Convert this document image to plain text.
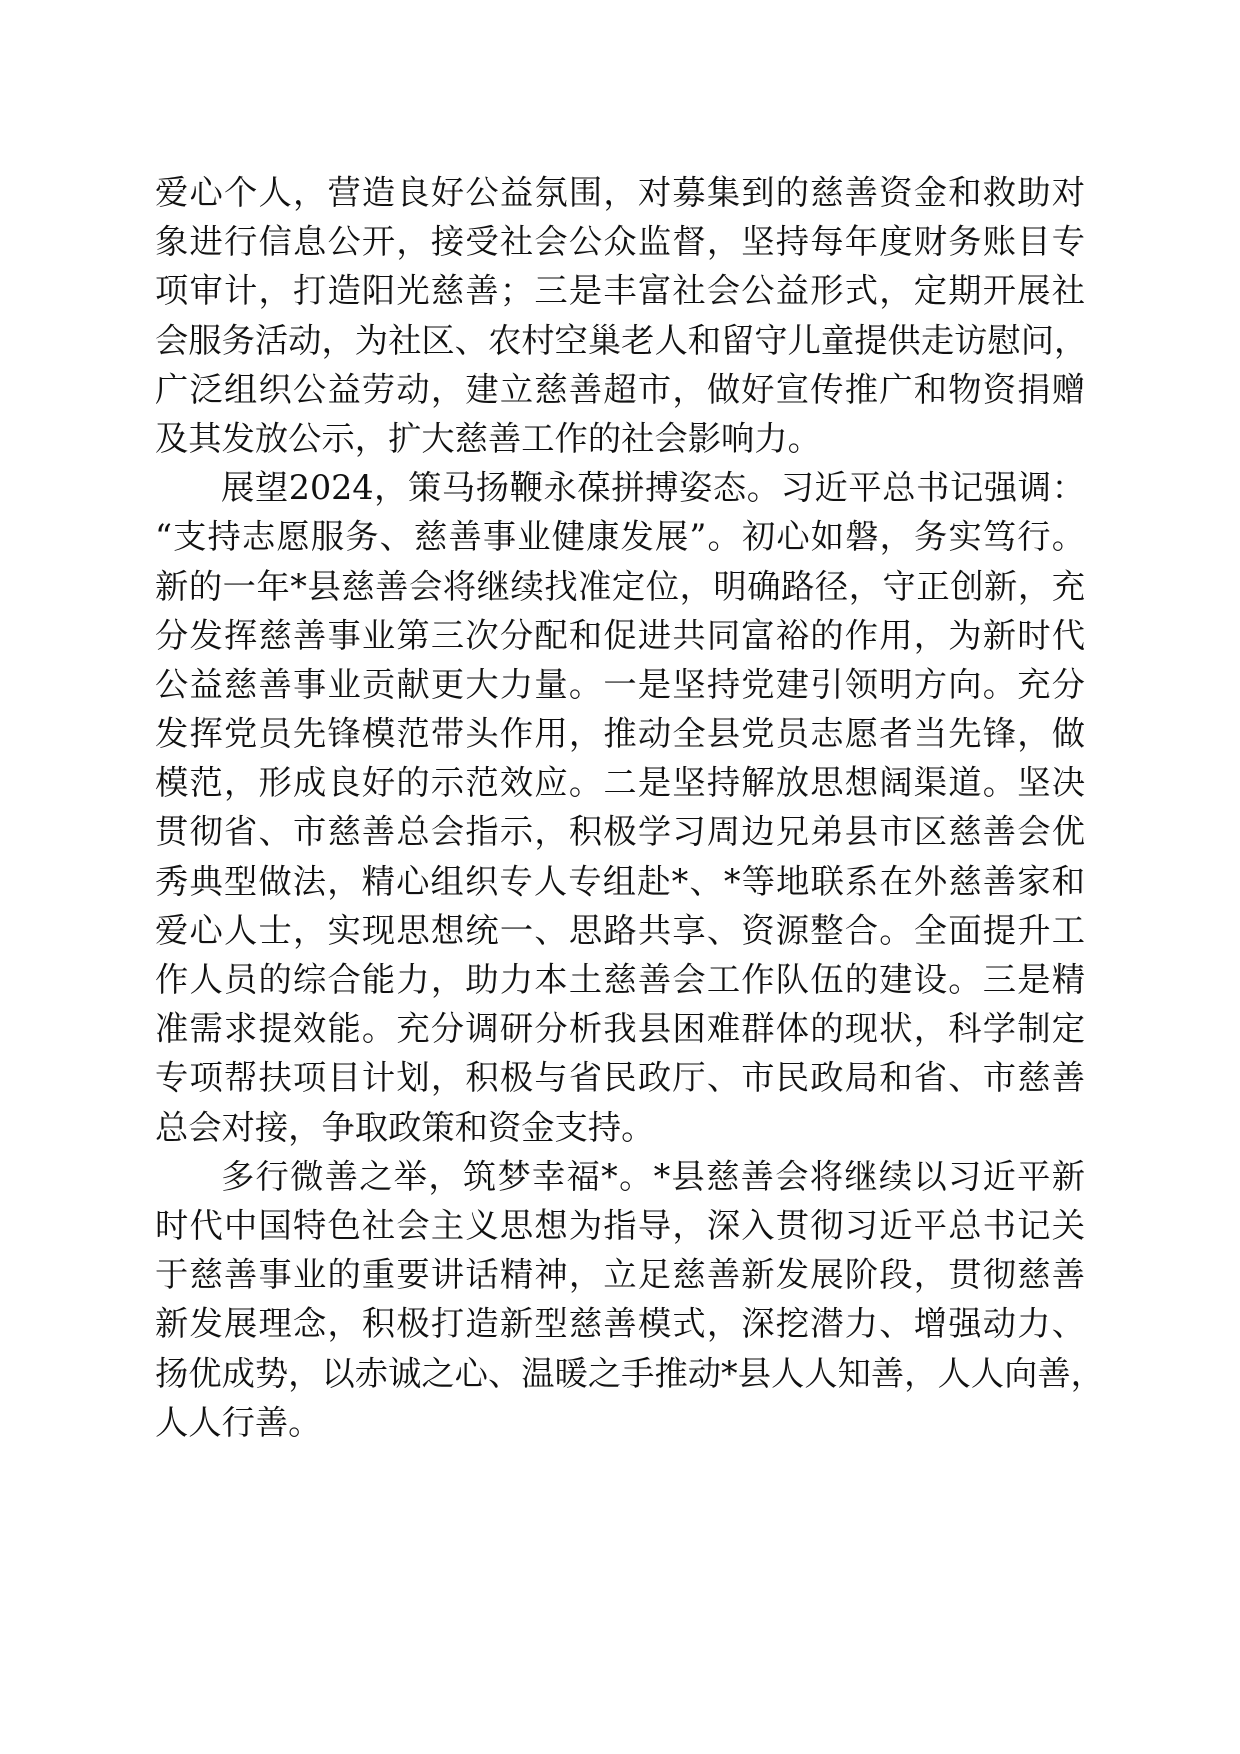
爱心个人，营造良好公益氛围，对募集到的慈善资金和救助对
象进行信息公开，接受社会公众监督，坚持每年度财务账目专
项审计，打造阳光慈善；三是丰富社会公益形式，定期开展社
会服务活动，为社区、农村空巢老人和留守儿童提供走访慰问，
广泛组织公益劳动，建立慈善超市，做好宣传推广和物资捐赠
及其发放公示，扩大慈善工作的社会影响力。
展望2024，策马扬鞭永葆拼搏姿态。习近平总书记强调：
“支持志愿服务、慈善事业健康发展”。初心如磐，务实笃行。
新的一年*县慈善会将继续找准定位，明确路径，守正创新，充
分发挥慈善事业第三次分配和促进共同富裕的作用，为新时代
公益慈善事业贡献更大力量。一是坚持党建引领明方向。充分
发挥党员先锋模范带头作用，推动全县党员志愿者当先锋，做
模范，形成良好的示范效应。二是坚持解放思想阔渠道。坚决
贯彻省、市慈善总会指示，积极学习周边兄弟县市区慈善会优
秀典型做法，精心组织专人专组赴*、*等地联系在外慈善家和
爱心人士，实现思想统一、思路共享、资源整合。全面提升工
作人员的综合能力，助力本土慈善会工作队伍的建设。三是精
准需求提效能。充分调研分析我县困难群体的现状，科学制定
专项帮扶项目计划，积极与省民政厅、市民政局和省、市慈善
总会对接，争取政策和资金支持。
多行微善之举，筑梦幸福*。*县慈善会将继续以习近平新
时代中国特色社会主义思想为指导，深入贯彻习近平总书记关
于慈善事业的重要讲话精神，立足慈善新发展阶段，贯彻慈善
新发展理念，积极打造新型慈善模式，深挖潜力、增强动力、
扬优成势，以赤诚之心、温暖之手推动*县人人知善，人人向善，
人人行善。
